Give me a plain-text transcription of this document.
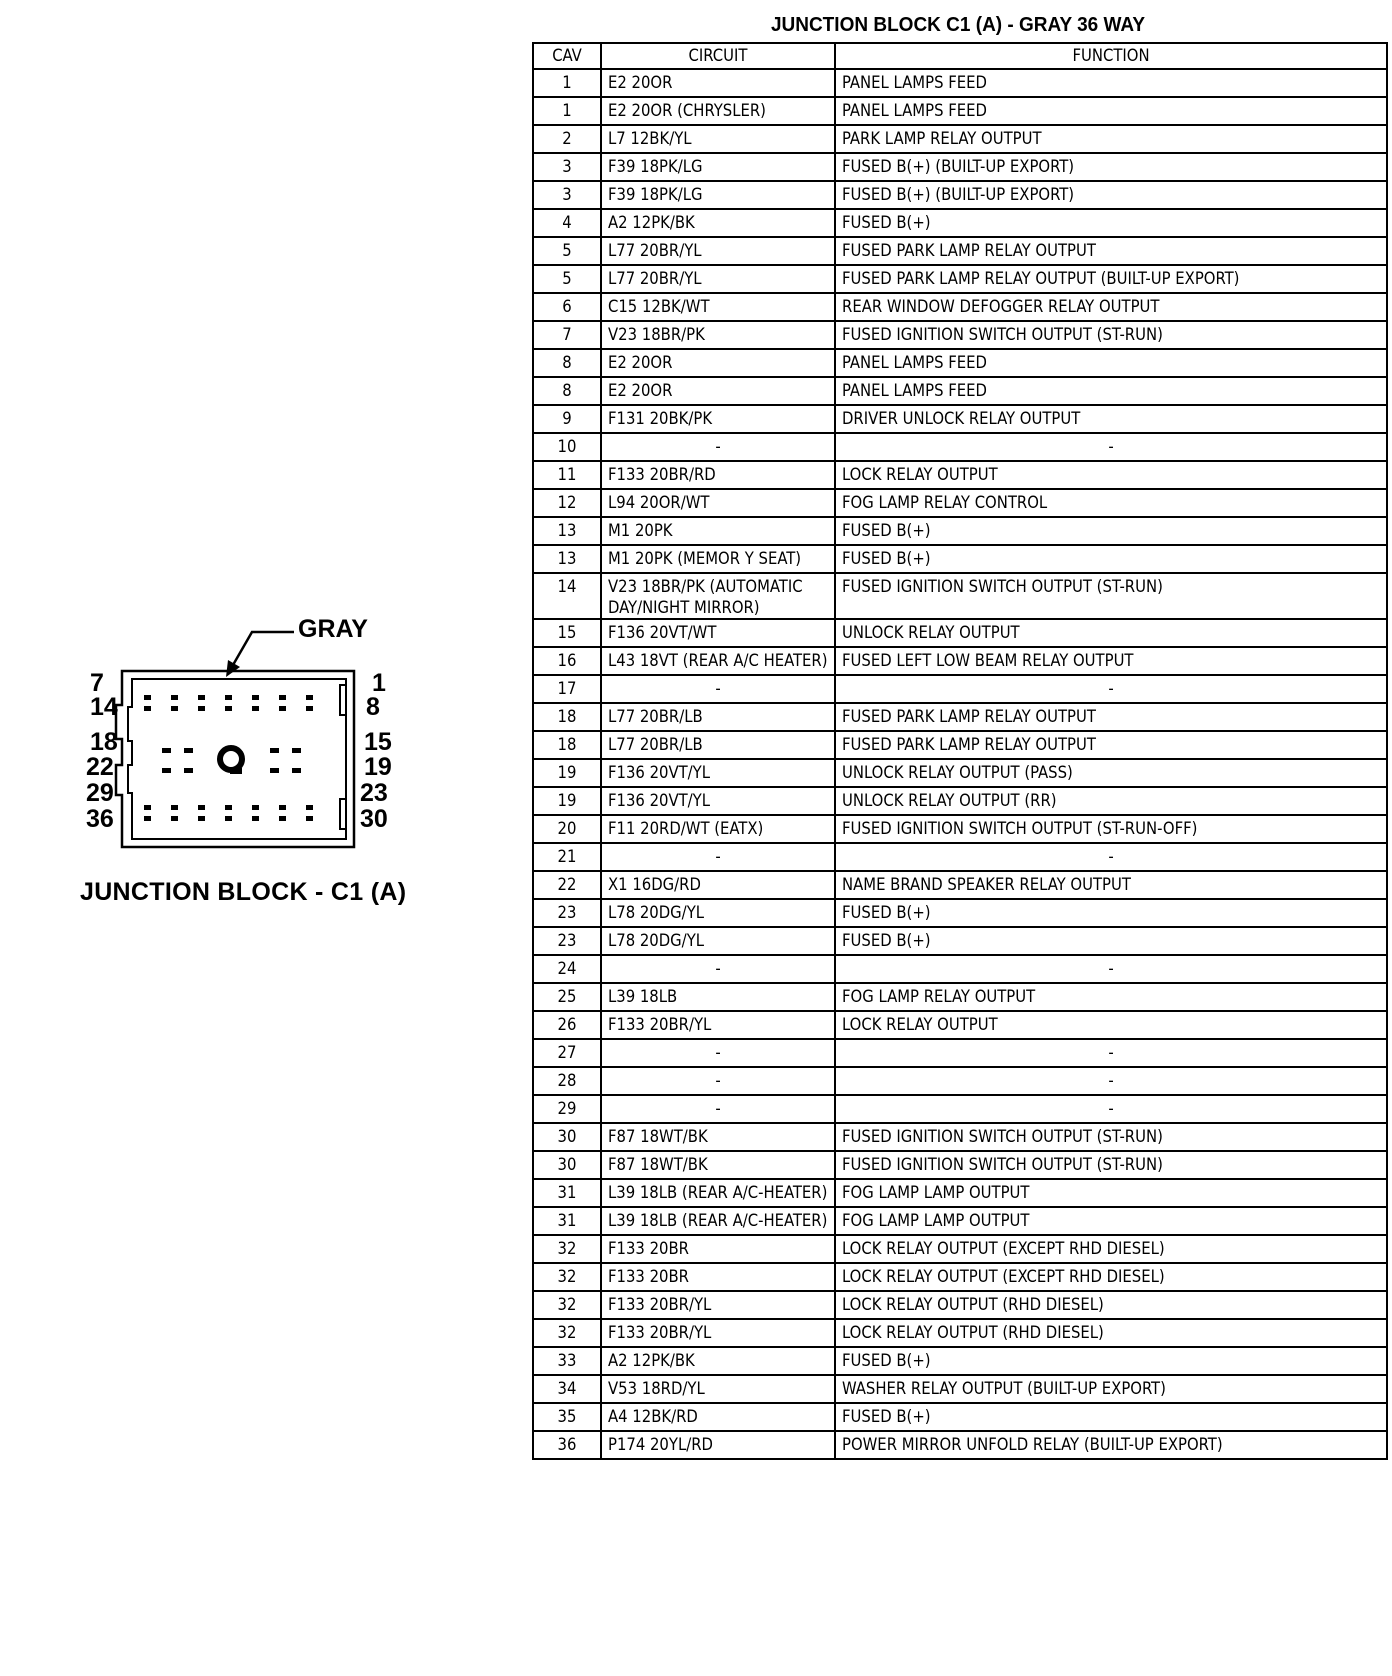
GRAY
7
14
18
22
29
36
1
8
15
19
23
30
JUNCTION BLOCK - C1 (A)
JUNCTION BLOCK C1 (A) - GRAY 36 WAY
CAV	CIRCUIT	FUNCTION
1	E2 20OR	PANEL LAMPS FEED
1	E2 20OR (CHRYSLER)	PANEL LAMPS FEED
2	L7 12BK/YL	PARK LAMP RELAY OUTPUT
3	F39 18PK/LG	FUSED B(+) (BUILT-UP EXPORT)
3	F39 18PK/LG	FUSED B(+) (BUILT-UP EXPORT)
4	A2 12PK/BK	FUSED B(+)
5	L77 20BR/YL	FUSED PARK LAMP RELAY OUTPUT
5	L77 20BR/YL	FUSED PARK LAMP RELAY OUTPUT (BUILT-UP EXPORT)
6	C15 12BK/WT	REAR WINDOW DEFOGGER RELAY OUTPUT
7	V23 18BR/PK	FUSED IGNITION SWITCH OUTPUT (ST-RUN)
8	E2 20OR	PANEL LAMPS FEED
8	E2 20OR	PANEL LAMPS FEED
9	F131 20BK/PK	DRIVER UNLOCK RELAY OUTPUT
10	-	-
11	F133 20BR/RD	LOCK RELAY OUTPUT
12	L94 20OR/WT	FOG LAMP RELAY CONTROL
13	M1 20PK	FUSED B(+)
13	M1 20PK (MEMOR Y SEAT)	FUSED B(+)
14	V23 18BR/PK (AUTOMATIC DAY/NIGHT MIRROR)	FUSED IGNITION SWITCH OUTPUT (ST-RUN)
15	F136 20VT/WT	UNLOCK RELAY OUTPUT
16	L43 18VT (REAR A/C HEATER)	FUSED LEFT LOW BEAM RELAY OUTPUT
17	-	-
18	L77 20BR/LB	FUSED PARK LAMP RELAY OUTPUT
18	L77 20BR/LB	FUSED PARK LAMP RELAY OUTPUT
19	F136 20VT/YL	UNLOCK RELAY OUTPUT (PASS)
19	F136 20VT/YL	UNLOCK RELAY OUTPUT (RR)
20	F11 20RD/WT (EATX)	FUSED IGNITION SWITCH OUTPUT (ST-RUN-OFF)
21	-	-
22	X1 16DG/RD	NAME BRAND SPEAKER RELAY OUTPUT
23	L78 20DG/YL	FUSED B(+)
23	L78 20DG/YL	FUSED B(+)
24	-	-
25	L39 18LB	FOG LAMP RELAY OUTPUT
26	F133 20BR/YL	LOCK RELAY OUTPUT
27	-	-
28	-	-
29	-	-
30	F87 18WT/BK	FUSED IGNITION SWITCH OUTPUT (ST-RUN)
30	F87 18WT/BK	FUSED IGNITION SWITCH OUTPUT (ST-RUN)
31	L39 18LB (REAR A/C-HEATER)	FOG LAMP LAMP OUTPUT
31	L39 18LB (REAR A/C-HEATER)	FOG LAMP LAMP OUTPUT
32	F133 20BR	LOCK RELAY OUTPUT (EXCEPT RHD DIESEL)
32	F133 20BR	LOCK RELAY OUTPUT (EXCEPT RHD DIESEL)
32	F133 20BR/YL	LOCK RELAY OUTPUT (RHD DIESEL)
32	F133 20BR/YL	LOCK RELAY OUTPUT (RHD DIESEL)
33	A2 12PK/BK	FUSED B(+)
34	V53 18RD/YL	WASHER RELAY OUTPUT (BUILT-UP EXPORT)
35	A4 12BK/RD	FUSED B(+)
36	P174 20YL/RD	POWER MIRROR UNFOLD RELAY (BUILT-UP EXPORT)
